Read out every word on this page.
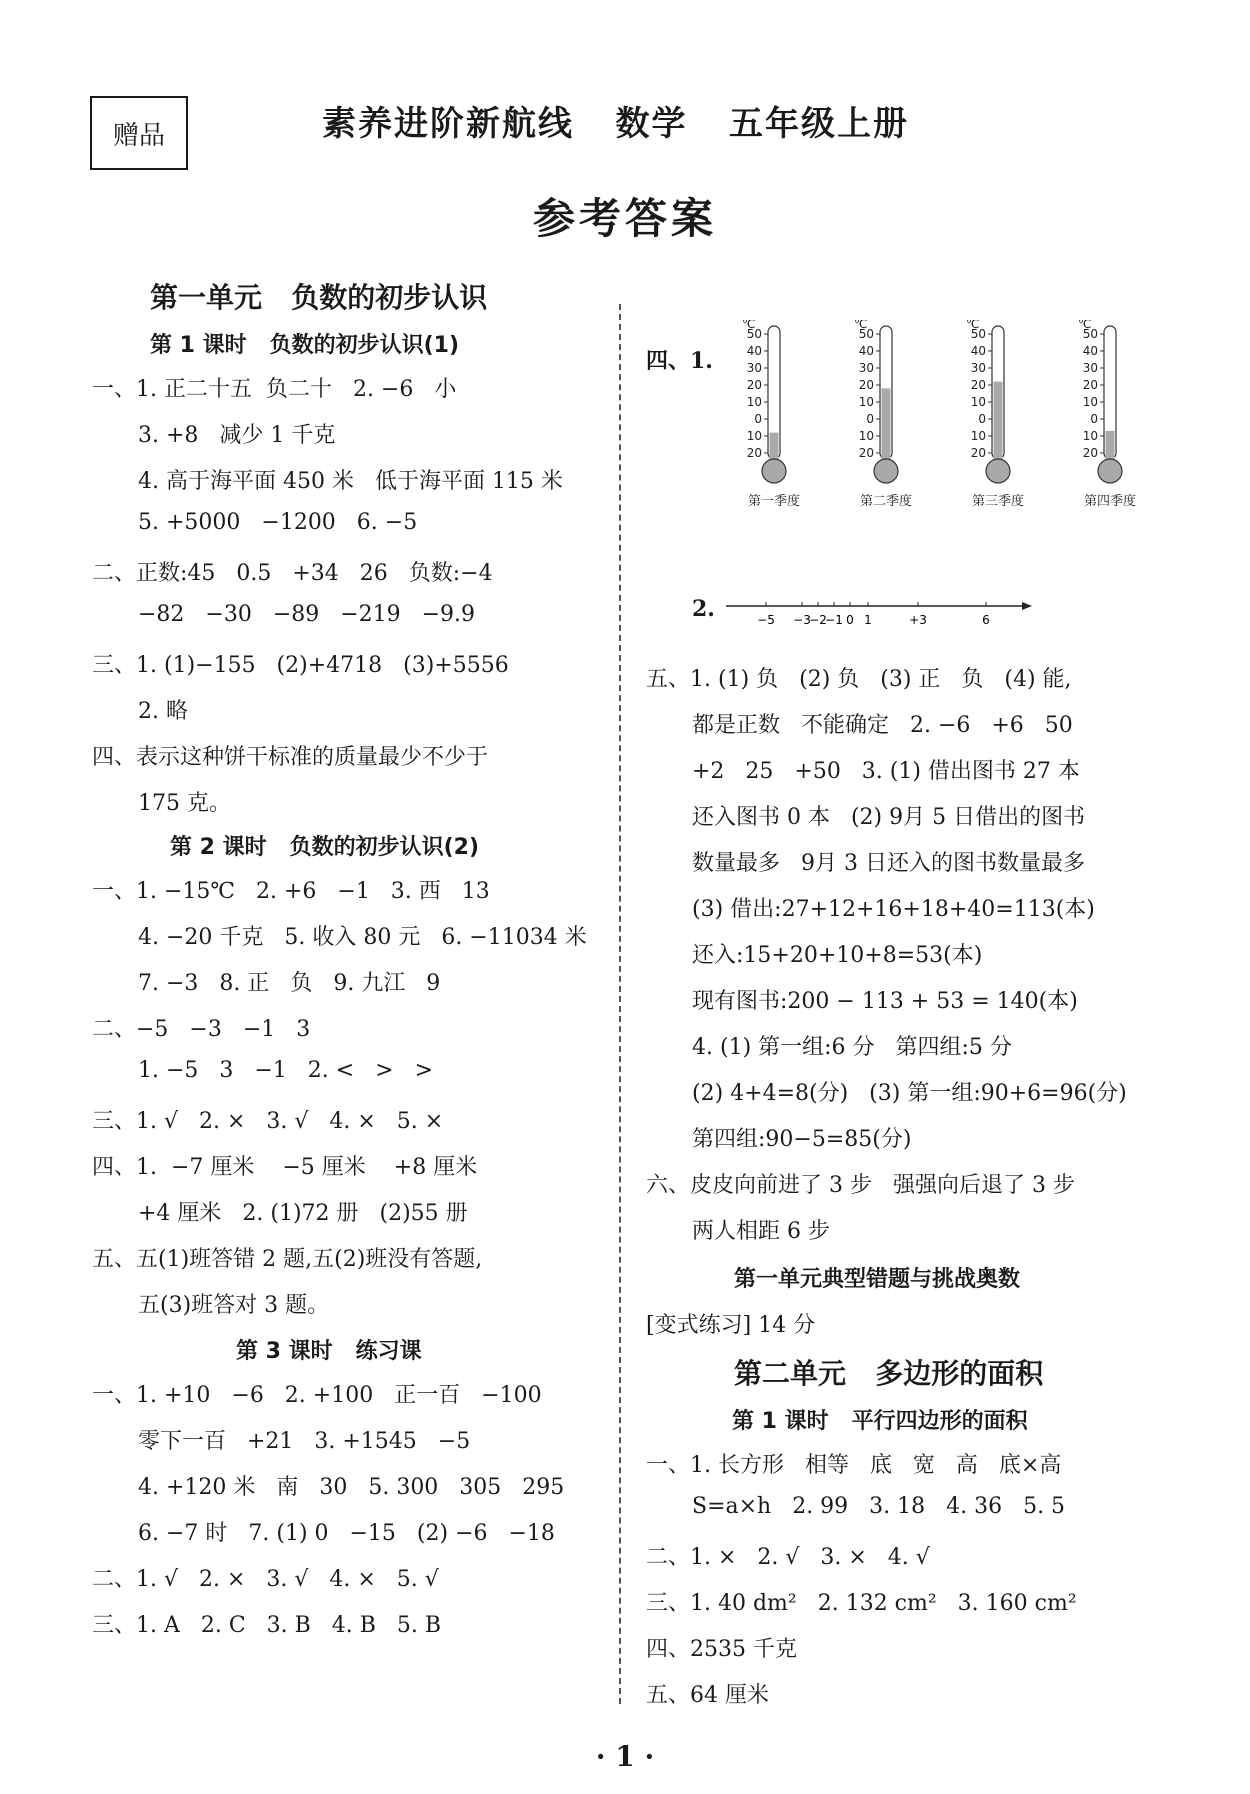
赠品	素养进阶新航线   数学   五年级上册
参考答案
第一单元   负数的初步认识
第 1 课时   负数的初步认识(1)
一、1. 正二十五  负二十   2. −6   小
3. +8   减少 1 千克
4. 高于海平面 450 米   低于海平面 115 米
5. +5000   −1200   6. −5
二、正数:45   0.5   +34   26   负数:−4
−82   −30   −89   −219   −9.9
三、1. (1)−155   (2)+4718   (3)+5556
2. 略
四、表示这种饼干标准的质量最少不少于
175 克。
第 2 课时   负数的初步认识(2)
一、1. −15℃   2. +6   −1   3. 西   13
4. −20 千克   5. 收入 80 元   6. −11034 米
7. −3   8. 正   负   9. 九江   9
二、−5   −3   −1   3
1. −5   3   −1   2. <   >   >
三、1. √   2. ×   3. √   4. ×   5. ×
四、1.  −7 厘米    −5 厘米    +8 厘米
+4 厘米   2. (1)72 册   (2)55 册
五、五(1)班答错 2 题,五(2)班没有答题,
五(3)班答对 3 题。
第 3 课时   练习课
一、1. +10   −6   2. +100   正一百   −100
零下一百   +21   3. +1545   −5
4. +120 米   南   30   5. 300   305   295
6. −7 时   7. (1) 0   −15   (2) −6   −18
二、1. √   2. ×   3. √   4. ×   5. √
三、1. A   2. C   3. B   4. B   5. B
四、1.
℃
50
40
30
20
10
0
10
20
第一季度
℃
50
40
30
20
10
0
10
20
第二季度
℃
50
40
30
20
10
0
10
20
第三季度
℃
50
40
30
20
10
0
10
20
第四季度
2.	−5 −3
−2
−1 0 1	+3	6
五、1. (1) 负   (2) 负   (3) 正   负   (4) 能,
都是正数   不能确定   2. −6   +6   50
+2   25   +50   3. (1) 借出图书 27 本
还入图书 0 本   (2) 9月 5 日借出的图书
数量最多   9月 3 日还入的图书数量最多
(3) 借出:27+12+16+18+40=113(本)
还入:15+20+10+8=53(本)
现有图书:200 − 113 + 53 = 140(本)
4. (1) 第一组:6 分   第四组:5 分
(2) 4+4=8(分)   (3) 第一组:90+6=96(分)
第四组:90−5=85(分)
六、皮皮向前进了 3 步   强强向后退了 3 步
两人相距 6 步
第一单元典型错题与挑战奥数
[变式练习] 14 分
第二单元   多边形的面积
第 1 课时   平行四边形的面积
一、1. 长方形   相等   底   宽   高   底×高
S=a×h   2. 99   3. 18   4. 36   5. 5
二、1. ×   2. √   3. ×   4. √
三、1. 40 dm²   2. 132 cm²   3. 160 cm²
四、2535 千克
五、64 厘米
· 1 ·
